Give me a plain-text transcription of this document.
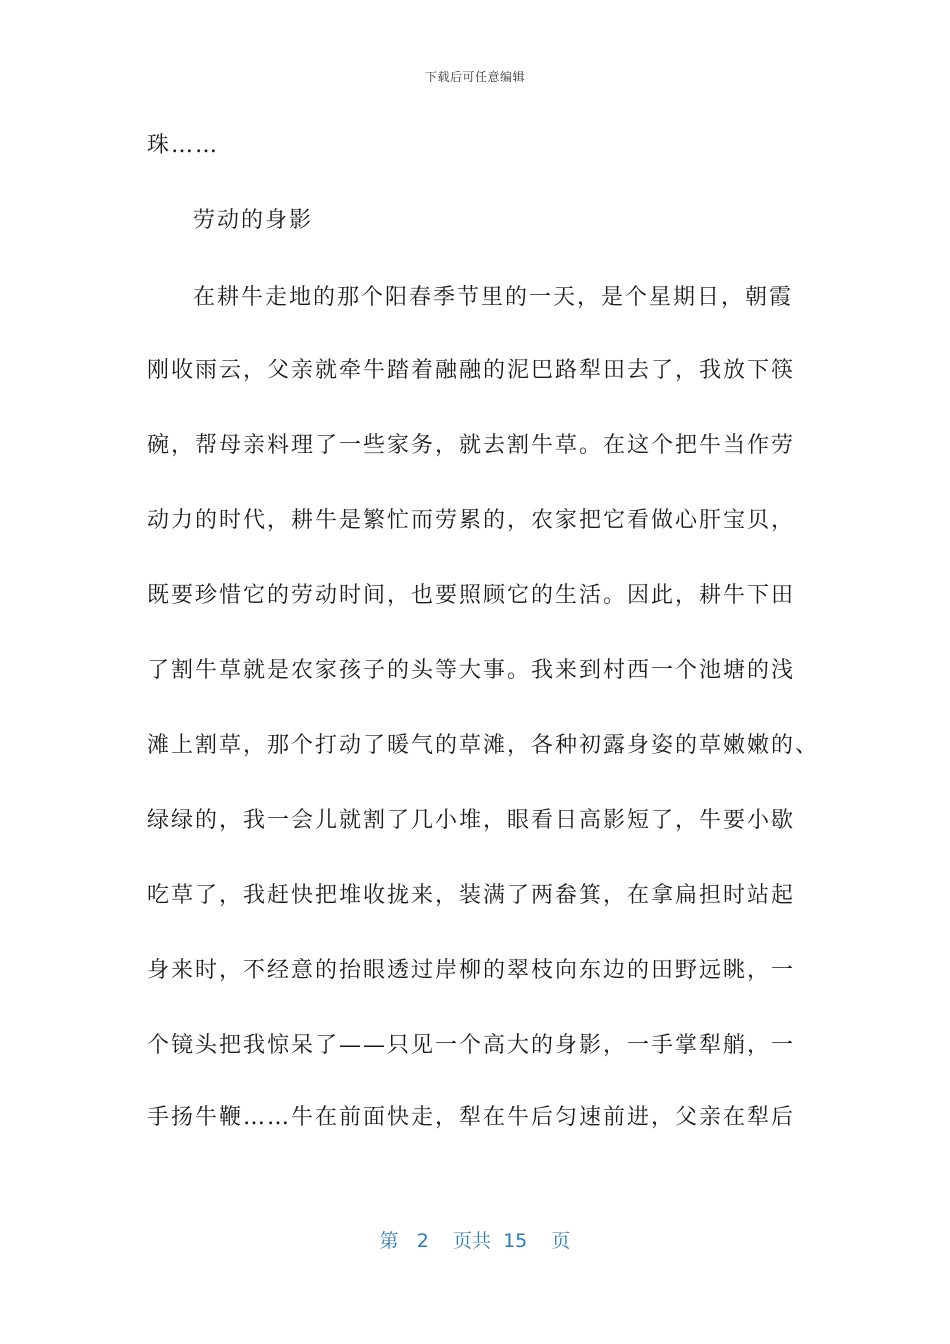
下载后可任意编辑
珠……
劳动的身影
在耕牛走地的那个阳春季节里的一天，是个星期日，朝霞
刚收雨云，父亲就牵牛踏着融融的泥巴路犁田去了，我放下筷
碗，帮母亲料理了一些家务，就去割牛草。在这个把牛当作劳
动力的时代，耕牛是繁忙而劳累的，农家把它看做心肝宝贝，
既要珍惜它的劳动时间，也要照顾它的生活。因此，耕牛下田
了割牛草就是农家孩子的头等大事。我来到村西一个池塘的浅
滩上割草，那个打动了暖气的草滩，各种初露身姿的草嫩嫩的、
绿绿的，我一会儿就割了几小堆，眼看日高影短了，牛要小歇
吃草了，我赶快把堆收拢来，装满了两畚箕，在拿扁担时站起
身来时，不经意的抬眼透过岸柳的翠枝向东边的田野远眺，一
个镜头把我惊呆了——只见一个高大的身影，一手掌犁艄，一
手扬牛鞭……牛在前面快走，犁在牛后匀速前进，父亲在犁后
第 2 页共 15 页
